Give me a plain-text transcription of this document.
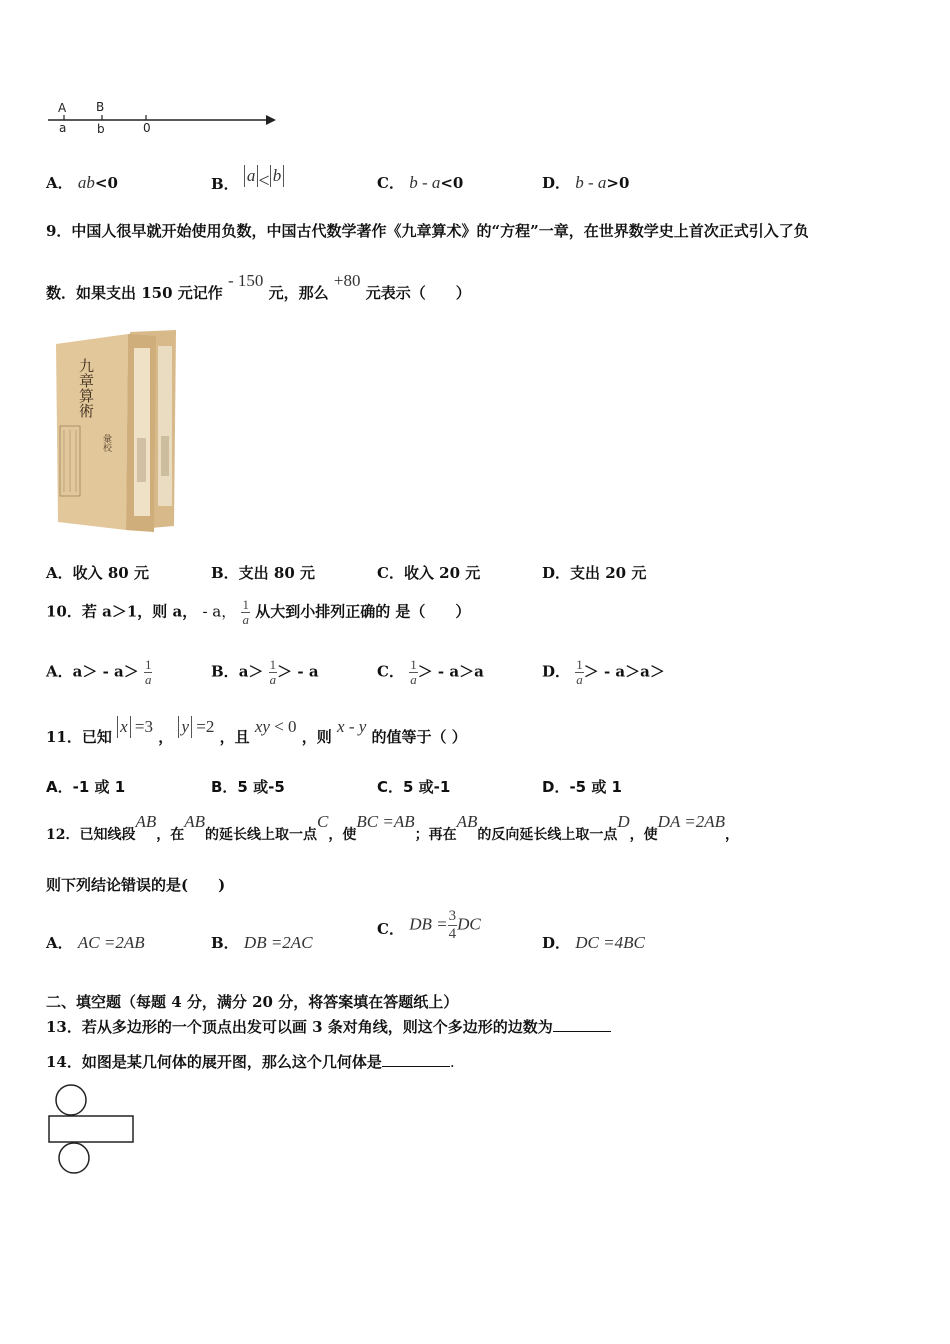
A B
a	b	0
A． ab<0	B． a < b	C． b - a<0	D． b - a>0
9．中国人很早就开始使用负数，中国古代数学著作《九章算术》的“方程”一章，在世界数学史上首次正式引入了负
数．如果支出 150 元记作 - 150 元，那么 +80 元表示（　　）
九章算術
彙校
A．收入 80 元	B．支出 80 元	C．收入 20 元	D．支出 20 元
10．若 a＞1，则 a， - a， $\frac{1}{a}$ 从大到小排列正确的 是（　　）
A．$a> - a> \frac{1}{a}$	B．$a> \frac{1}{a}$ ＞ - a	C． $\frac{1}{a}$ ＞ - a＞a	D． $\frac{1}{a}$ ＞ - a＞a＞
11．已知 x =3 ， y =2 ，且 xy < 0 ，则 x - y 的值等于（ ）
A．-1 或 1	B．5 或-5	C．5 或-1	D．-5 或 1
12．已知线段AB，在AB的延长线上取一点C，使BC =AB；再在AB的反向延长线上取一点D，使DA =2AB，
则下列结论错误的是(　　)
A． AC =2AB	B． DB =2AC
C． DB = $\frac{3}{4}$ DC
D． DC =4BC
二、填空题（每题 4 分，满分 20 分，将答案填在答题纸上）
13．若从多边形的一个顶点出发可以画 3 条对角线，则这个多边形的边数为
14．如图是某几何体的展开图，那么这个几何体是	.
